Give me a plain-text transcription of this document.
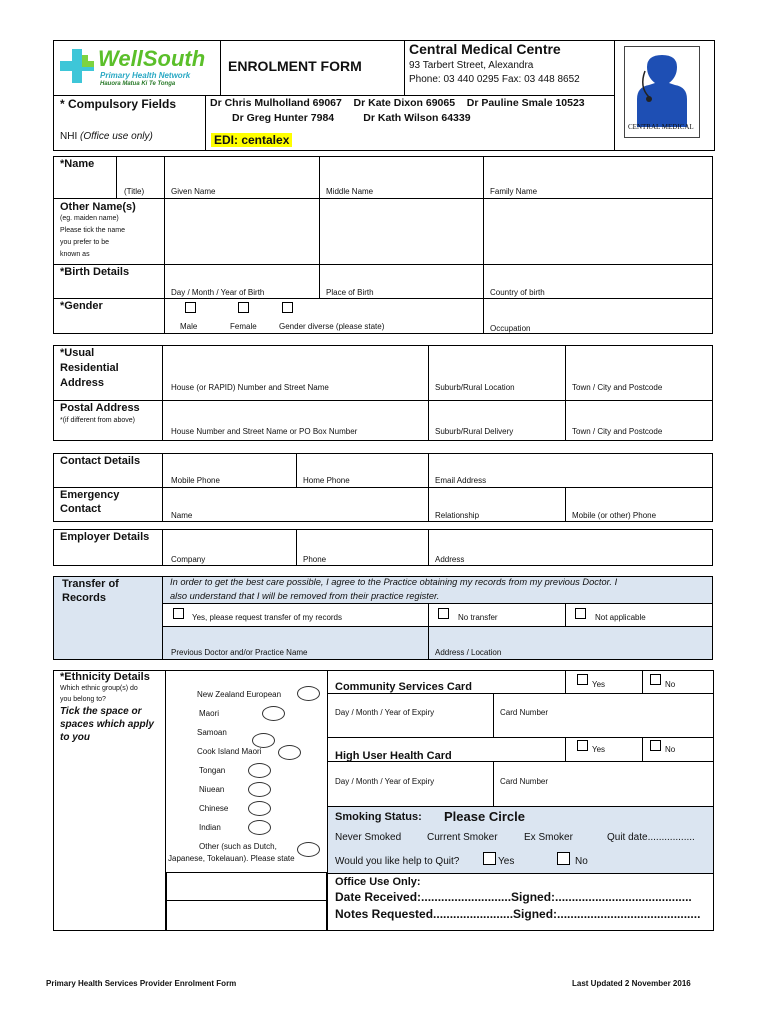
WellSouth
Primary Health Network
Hauora Matua Ki Te Tonga
ENROLMENT FORM
Central Medical Centre
93 Tarbert Street, Alexandra
Phone: 03 440 0295 Fax: 03 448 8652
CENTRAL MEDICAL
* Compulsory Fields
NHI (Office use only)
Dr Chris Mulholland 69067    Dr Kate Dixon 69065    Dr Pauline Smale 10523
Dr Greg Hunter 7984          Dr Kath Wilson 64339
EDI: centalex
*Name
(Title)	Given Name	Middle Name	Family Name
Other Name(s)
(eg. maiden name)
Please tick the name
you prefer to be
known as
*Birth Details
Day / Month / Year of Birth	Place of Birth	Country of birth
*Gender
Male	Female	Gender diverse (please state)	Occupation
*Usual
Residential
Address	House (or RAPID) Number and Street Name	Suburb/Rural Location	Town / City and Postcode
Postal Address
*(if different from above)
House Number and Street Name or PO Box Number	Suburb/Rural Delivery	Town / City and Postcode
Contact Details
Mobile Phone	Home Phone	Email Address
Emergency
Contact
Name	Relationship	Mobile (or other) Phone
Employer Details
Company	Phone	Address
Transfer of
Records
In order to get the best care possible, I agree to the Practice obtaining my records from my previous Doctor. I
also understand that I will be removed from their practice register.
Yes, please request transfer of my records	No transfer	Not applicable
Previous Doctor and/or Practice Name	Address / Location
*Ethnicity Details
Which ethnic group(s) do
you belong to?
Tick the space or
spaces which apply
to you
New Zealand European
Maori
Samoan
Cook Island Maori
Tongan
Niuean
Chinese
Indian
Other (such as Dutch,
Japanese, Tokelauan). Please state
Community Services Card	Yes	No
Day / Month / Year of Expiry	Card Number
High User Health Card
Yes	No
Day / Month / Year of Expiry	Card Number
Smoking Status: Please Circle
Never Smoked	Current Smoker	Ex Smoker	Quit date.................
Would you like help to Quit?	Yes	No
Office Use Only:
Date Received:...........................Signed:.........................................
Notes Requested........................Signed:...........................................
Primary Health Services Provider Enrolment Form	Last Updated 2 November 2016
